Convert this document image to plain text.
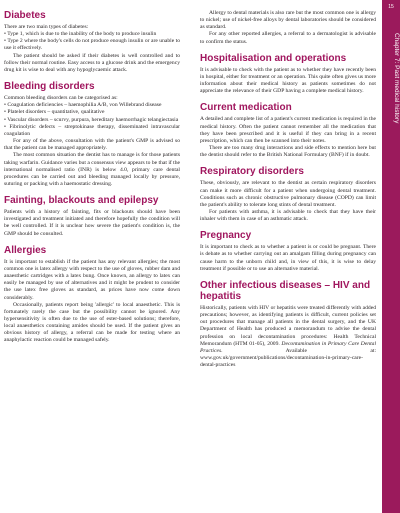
Diabetes

There are two main types of diabetes:

• Type 1, which is due to the inability of the body to produce insulin

• Type 2 where the body's cells do not produce enough insulin or are unable to use it effectively.

The patient should be asked if their diabetes is well controlled and to follow their normal routine. Easy access to a glucose drink and the emergency drug kit is wise to deal with any hypoglycaemic attack.

Bleeding disorders

Common bleeding disorders can be categorised as:

• Coagulation deficiencies – haemophilia A/B, von Willebrand disease

• Platelet disorders – quantitative, qualitative

• Vascular disorders – scurvy, purpura, hereditary haemorrhagic telangiectasia

• Fibrinolytic defects – streptokinase therapy, disseminated intravascular coagulation

For any of the above, consultation with the patient's GMP is advised so that the patient can be managed appropriately.

The most common situation the dentist has to manage is for those patients taking warfarin. Guidance varies but a consensus view appears to be that if the international normalised ratio (INR) is below 4.0, primary care dental procedures can be carried out and bleeding managed locally by pressure, suturing or packing with a haemostatic dressing.

Fainting, blackouts and epilepsy

Patients with a history of fainting, fits or blackouts should have been investigated and treatment initiated and therefore hopefully the condition will be well controlled. If it is unclear how severe the patient's condition is, the GMP should be consulted.

Allergies

It is important to establish if the patient has any relevant allergies; the most common one is latex allergy with respect to the use of gloves, rubber dam and anaesthetic cartridges with a latex bung. Once known, an allergy to latex can easily be managed by use of alternatives and it might be prudent to consider the use latex free gloves as standard, as prices have now come down considerably.

Occasionally, patients report being 'allergic' to local anaesthetic. This is fortunately rarely the case but the possibility cannot be ignored. Any hypersensitivity is often due to the use of ester-based solutions; therefore, local anaesthetics containing amides should be used. If the patient gives an obvious history of allergy, a referral can be made for testing where an anaphylactic reaction could be managed safely.

Allergy to dental materials is also rare but the most common one is allergy to nickel; use of nickel-free alloys by dental laboratories should be considered as standard.

For any other reported allergies, a referral to a dermatologist is advisable to confirm the status.

Hospitalisation and operations

It is advisable to check with the patient as to whether they have recently been in hospital, either for treatment or an operation. This quite often gives us more information about their medical history as patients sometimes do not appreciate the relevance of their GDP having a complete medical history.

Current medication

A detailed and complete list of a patient's current medication is required in the medical history. Often the patient cannot remember all the medication that they have been prescribed and it is useful if they can bring in a recent prescription, which can then be scanned into their notes.

There are too many drug interactions and side effects to mention here but the dentist should refer to the British National Formulary (BNF) if in doubt.

Respiratory disorders

These, obviously, are relevant to the dentist as certain respiratory disorders can make it more difficult for a patient when undergoing dental treatment. Conditions such as chronic obstructive pulmonary disease (COPD) can limit the patient's ability to tolerate long stints of dental treatment.

For patients with asthma, it is advisable to check that they have their inhaler with them in case of an asthmatic attack.

Pregnancy

It is important to check as to whether a patient is or could be pregnant. There is debate as to whether carrying out an amalgam filling during pregnancy can cause harm to the unborn child and, in view of this, it is wise to delay treatment if possible or to use an alternative material.

Other infectious diseases – HIV and hepatitis

Historically, patients with HIV or hepatitis were treated differently with added precautions; however, as identifying patients is difficult, current policies set out procedures that manage all patients in the dental surgery, and the UK Department of Health has produced a memorandum to advise the dental profession on local decontamination procedures: Health Technical Memorandum (HTM 01-05), 2009. Decontamination in Primary Care Dental Practices. Available at: www.gov.uk/government/publications/decontamination-in-primary-care-dental-practices

15
Chapter 7: Past medical history
